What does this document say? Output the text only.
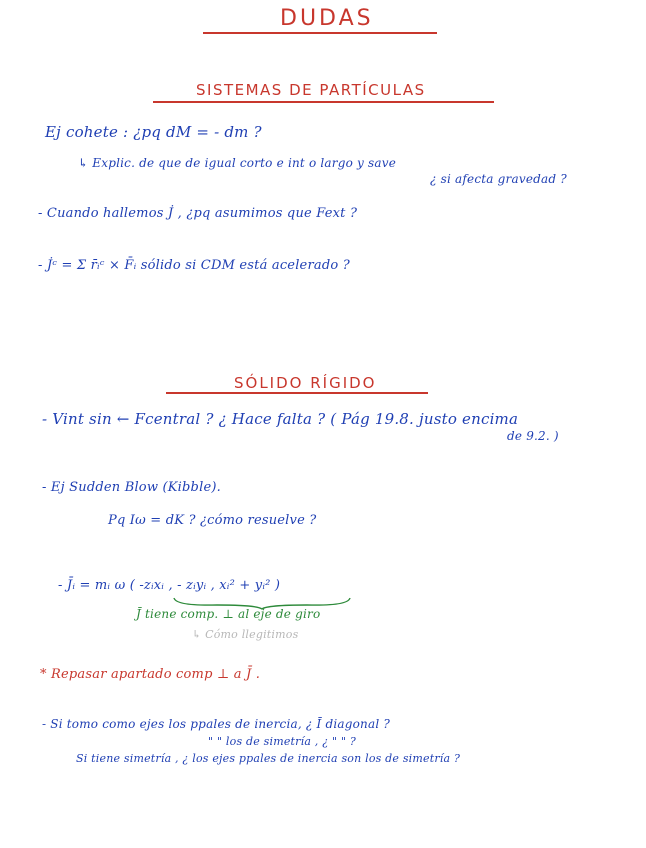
DUDAS
SISTEMAS DE PARTÍCULAS
Ej cohete : ¿pq dM = - dm ?
↳ Explic. de que de igual corto e int o largo y save
¿ si afecta gravedad ?
- Cuando hallemos J̇ , ¿pq asumimos que Fext ?
- J̇ᶜ = Σ r̄ᵢᶜ × F̄ᵢ sólido si CDM está acelerado ?
SÓLIDO RÍGIDO
- Vint sin ← Fcentral ? ¿ Hace falta ? ( Pág 19.8. justo encima
de 9.2. )
- Ej Sudden Blow (Kibble).
Pq Iω = dK ? ¿cómo resuelve ?
- J̄ᵢ = mᵢ ω ( -zᵢxᵢ , - zᵢyᵢ , xᵢ² + yᵢ² )
J̄ tiene comp. ⊥ al eje de giro
↳ Cómo llegitimos
* Repasar apartado comp ⊥ a J̄ .
- Si tomo como ejes los ppales de inercia, ¿ Ī diagonal ?
" " los de simetría , ¿ " " ?
Si tiene simetría , ¿ los ejes ppales de inercia son los de simetría ?
